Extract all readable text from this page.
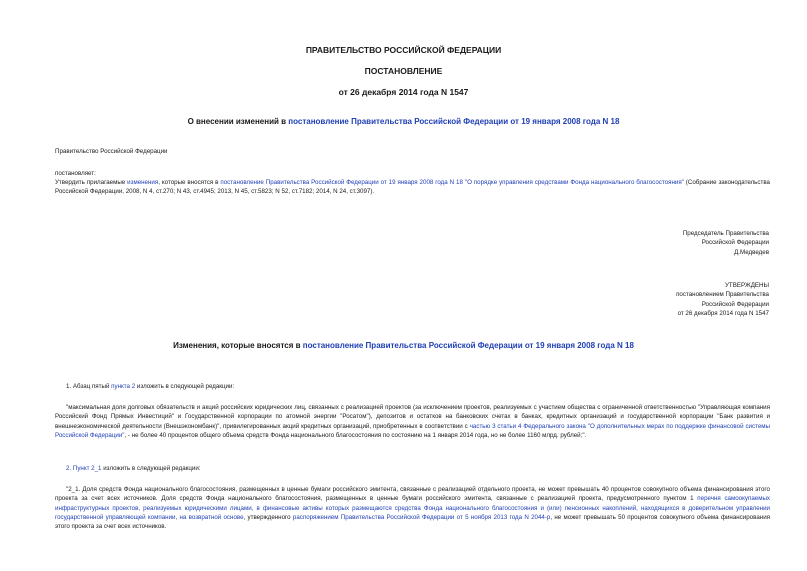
ПРАВИТЕЛЬСТВО РОССИЙСКОЙ ФЕДЕРАЦИИ
ПОСТАНОВЛЕНИЕ
от 26 декабря 2014 года N 1547
О внесении изменений в постановление Правительства Российской Федерации от 19 января 2008 года N 18
Правительство Российской Федерации
постановляет:

Утвердить прилагаемые изменения, которые вносятся в постановление Правительства Российской Федерации от 19 января 2008 года N 18 "О порядке управления средствами Фонда национального благосостояния" (Собрание законодательства Российской Федерации, 2008, N 4, ст.270; N 43, ст.4945; 2013, N 45, ст.5823; N 52, ст.7182; 2014, N 24, ст.3097).

Председатель Правительства
Российской Федерации
Д.Медведев
УТВЕРЖДЕНЫ
постановлением Правительства
Российской Федерации
от 26 декабря 2014 года N 1547
Изменения, которые вносятся в постановление Правительства Российской Федерации от 19 января 2008 года N 18

1. Абзац пятый пункта 2 изложить в следующей редакции:

"максимальная доля долговых обязательств и акций российских юридических лиц, связанных с реализацией проектов (за исключением проектов, реализуемых с участием общества с ограниченной ответственностью "Управляющая компания Российский Фонд Прямых Инвестиций" и Государственной корпорации по атомной энергии "Росатом"), депозитов и остатков на банковских счетах в банках, кредитных организаций и государственной корпорации "Банк развития и внешнеэкономической деятельности (Внешэкономбанк)", привилегированных акций кредитных организаций, приобретенных в соответствии с частью 3 статьи 4 Федерального закона "О дополнительных мерах по поддержке финансовой системы Российской Федерации", - не более 40 процентов общего объема средств Фонда национального благосостояния по состоянию на 1 января 2014 года, но не более 1160 млрд. рублей;".

2. Пункт 2_1 изложить в следующей редакции:

"2_1. Доля средств Фонда национального благосостояния, размещенных в ценные бумаги российского эмитента, связанные с реализацией отдельного проекта, не может превышать 40 процентов совокупного объема финансирования этого проекта за счет всех источников. Доля средств Фонда национального благосостояния, размещенных в ценные бумаги российского эмитента, связанные с реализацией проекта, предусмотренного пунктом 1 перечня самоокупаемых инфраструктурных проектов, реализуемых юридическими лицами, в финансовые активы которых размещаются средства Фонда национального благосостояния и (или) пенсионных накоплений, находящихся в доверительном управлении государственной управляющей компании, на возвратной основе, утвержденного распоряжением Правительства Российской Федерации от 5 ноября 2013 года N 2044-р, не может превышать 50 процентов совокупного объема финансирования этого проекта за счет всех источников.
